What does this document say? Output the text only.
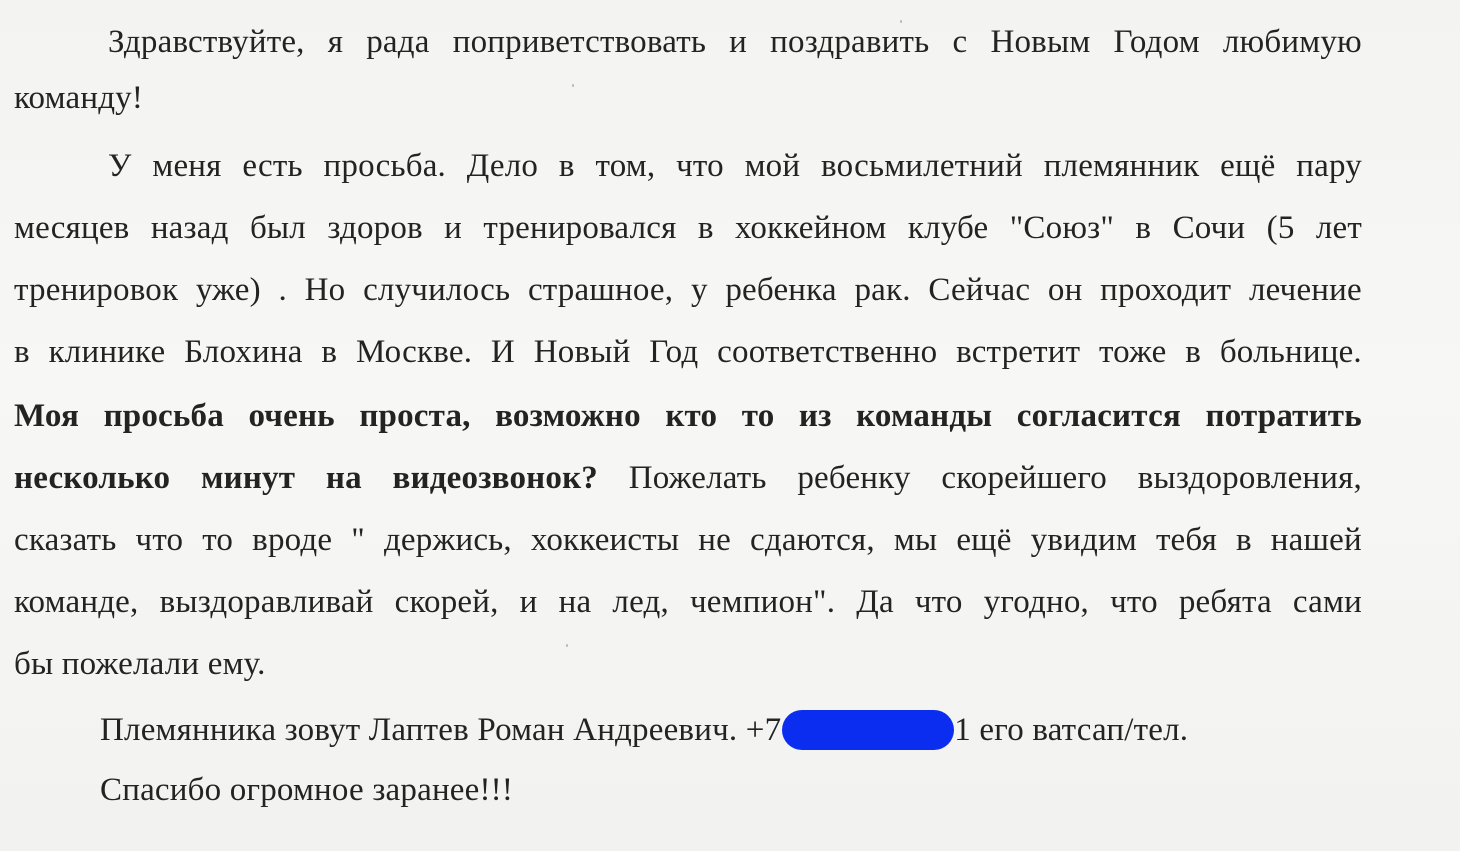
Здравствуйте, я рада поприветствовать и поздравить с Новым Годом любимую
команду!
У меня есть просьба. Дело в том, что мой восьмилетний племянник ещё пару
месяцев назад был здоров и тренировался в хоккейном клубе "Союз" в Сочи (5 лет
тренировок уже) . Но случилось страшное, у ребенка рак. Сейчас он проходит лечение
в клинике Блохина в Москве. И Новый Год соответственно встретит тоже в больнице.
Моя просьба очень проста, возможно кто то из команды согласится потратить
несколько минут на видеозвонок? Пожелать ребенку скорейшего выздоровления,
сказать что то вроде " держись, хоккеисты не сдаются, мы ещё увидим тебя в нашей
команде, выздоравливай скорей, и на лед, чемпион". Да что угодно, что ребята сами
бы пожелали ему.
Племянника зовут Лаптев Роман Андреевич. +7	1 его ватсап/тел.
Спасибо огромное заранее!!!
